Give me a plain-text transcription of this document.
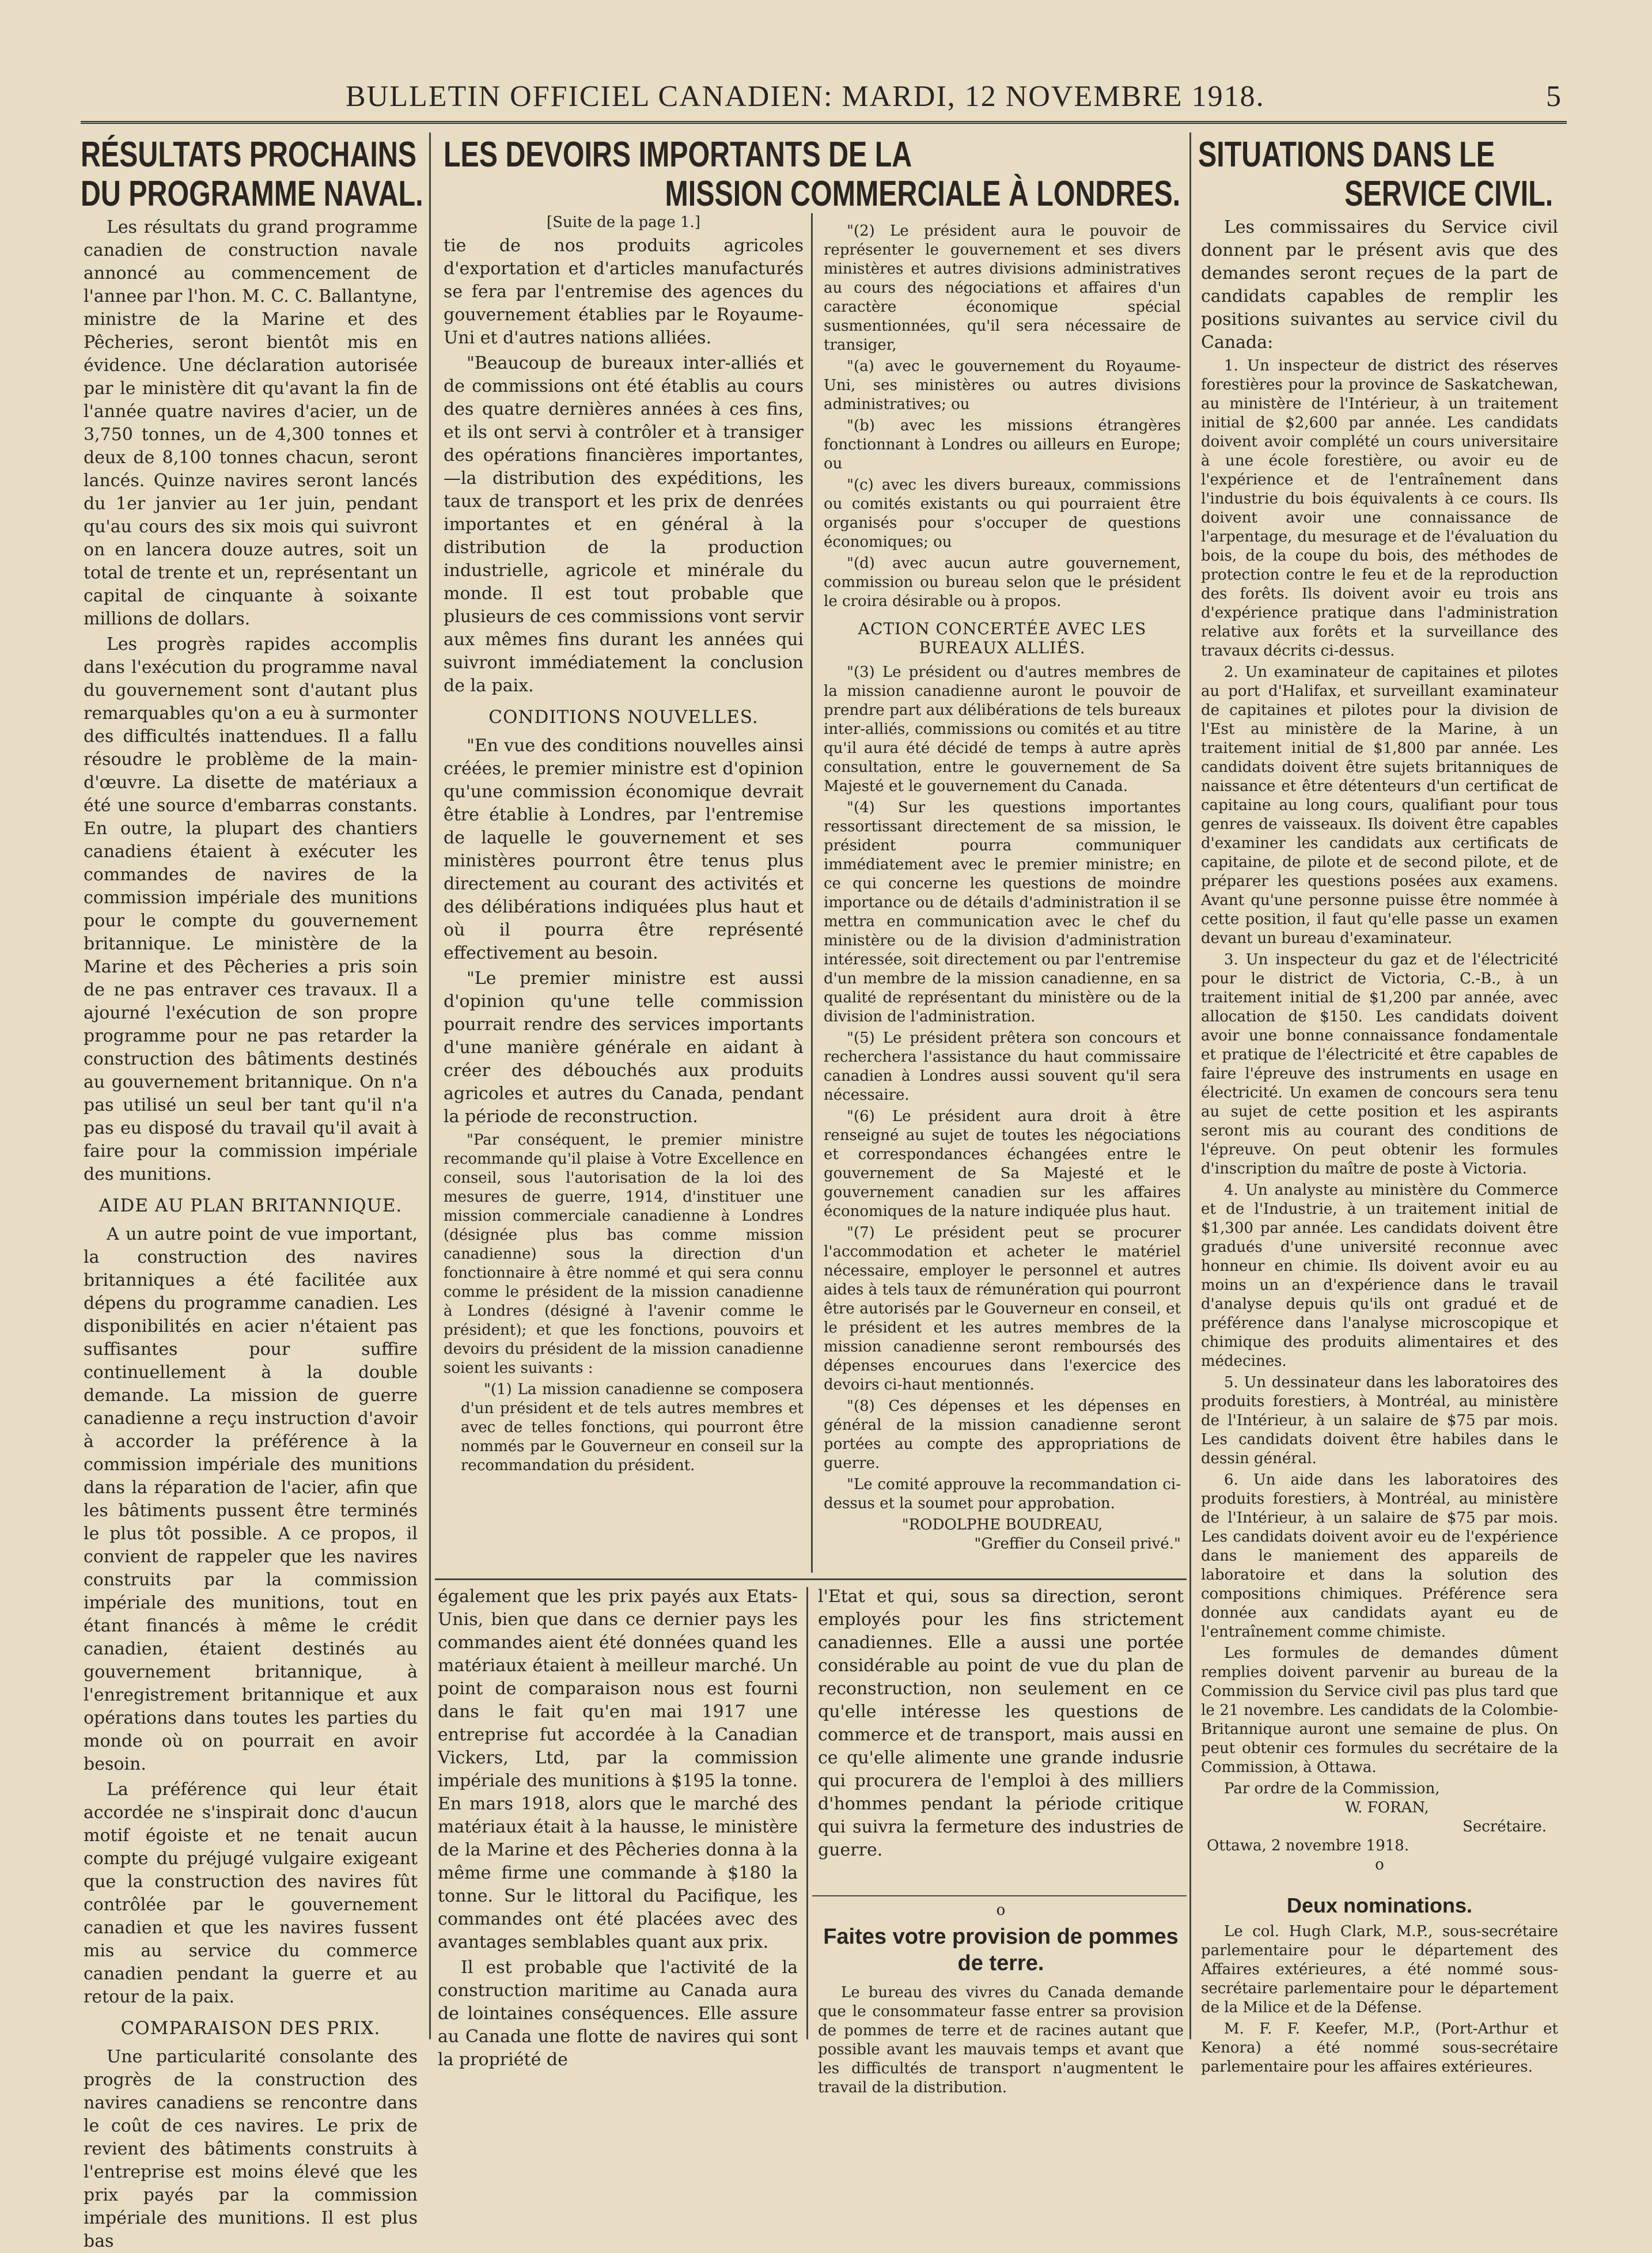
BULLETIN OFFICIEL CANADIEN: MARDI, 12 NOVEMBRE 1918.	5
RÉSULTATS PROCHAINS
DU PROGRAMME NAVAL.

Les résultats du grand programme canadien de construction navale annoncé au commencement de l'annee par l'hon. M. C. C. Ballantyne, ministre de la Marine et des Pêcheries, seront bientôt mis en évidence. Une déclaration autorisée par le ministère dit qu'avant la fin de l'année quatre navires d'acier, un de 3,750 tonnes, un de 4,300 tonnes et deux de 8,100 tonnes chacun, seront lancés. Quinze navires seront lancés du 1er janvier au 1er juin, pendant qu'au cours des six mois qui suivront on en lancera douze autres, soit un total de trente et un, représentant un capital de cinquante à soixante millions de dollars.

Les progrès rapides accomplis dans l'exécution du programme naval du gouvernement sont d'autant plus remarquables qu'on a eu à surmonter des difficultés inattendues. Il a fallu résoudre le problème de la main-d'œuvre. La disette de matériaux a été une source d'embarras constants. En outre, la plupart des chantiers canadiens étaient à exécuter les commandes de navires de la commission impériale des munitions pour le compte du gouvernement britannique. Le ministère de la Marine et des Pêcheries a pris soin de ne pas entraver ces travaux. Il a ajourné l'exécution de son propre programme pour ne pas retarder la construction des bâtiments destinés au gouvernement britannique. On n'a pas utilisé un seul ber tant qu'il n'a pas eu disposé du travail qu'il avait à faire pour la commission impériale des munitions.

AIDE AU PLAN BRITANNIQUE.

A un autre point de vue important, la construction des navires britanniques a été facilitée aux dépens du programme canadien. Les disponibilités en acier n'étaient pas suffisantes pour suffire continuellement à la double demande. La mission de guerre canadienne a reçu instruction d'avoir à accorder la préférence à la commission impériale des munitions dans la réparation de l'acier, afin que les bâtiments pussent être terminés le plus tôt possible. A ce propos, il convient de rappeler que les navires construits par la commission impériale des munitions, tout en étant financés à même le crédit canadien, étaient destinés au gouvernement britannique, à l'enregistrement britannique et aux opérations dans toutes les parties du monde où on pourrait en avoir besoin.

La préférence qui leur était accordée ne s'inspirait donc d'aucun motif égoiste et ne tenait aucun compte du préjugé vulgaire exigeant que la construction des navires fût contrôlée par le gouvernement canadien et que les navires fussent mis au service du commerce canadien pendant la guerre et au retour de la paix.

COMPARAISON DES PRIX.

Une particularité consolante des progrès de la construction des navires canadiens se rencontre dans le coût de ces navires. Le prix de revient des bâtiments construits à l'entreprise est moins élevé que les prix payés par la commission impériale des munitions. Il est plus bas

LES DEVOIRS IMPORTANTS DE LA
MISSION COMMERCIALE À LONDRES.
[Suite de la page 1.]

tie de nos produits agricoles d'exportation et d'articles manufacturés se fera par l'entremise des agences du gouvernement établies par le Royaume-Uni et d'autres nations alliées.

"Beaucoup de bureaux inter-alliés et de commissions ont été établis au cours des quatre dernières années à ces fins, et ils ont servi à contrôler et à transiger des opérations financières importantes,—la distribution des expéditions, les taux de transport et les prix de denrées importantes et en général à la distribution de la production industrielle, agricole et minérale du monde. Il est tout probable que plusieurs de ces commissions vont servir aux mêmes fins durant les années qui suivront immédiatement la conclusion de la paix.

CONDITIONS NOUVELLES.

"En vue des conditions nouvelles ainsi créées, le premier ministre est d'opinion qu'une commission économique devrait être établie à Londres, par l'entremise de laquelle le gouvernement et ses ministères pourront être tenus plus directement au courant des activités et des délibérations indiquées plus haut et où il pourra être représenté effectivement au besoin.

"Le premier ministre est aussi d'opinion qu'une telle commission pourrait rendre des services importants d'une manière générale en aidant à créer des débouchés aux produits agricoles et autres du Canada, pendant la période de reconstruction.

"Par conséquent, le premier ministre recommande qu'il plaise à Votre Excellence en conseil, sous l'autorisation de la loi des mesures de guerre, 1914, d'instituer une mission commerciale canadienne à Londres (désignée plus bas comme mission canadienne) sous la direction d'un fonctionnaire à être nommé et qui sera connu comme le président de la mission canadienne à Londres (désigné à l'avenir comme le président); et que les fonctions, pouvoirs et devoirs du président de la mission canadienne soient les suivants :

"(1) La mission canadienne se composera d'un président et de tels autres membres et avec de telles fonctions, qui pourront être nommés par le Gouverneur en conseil sur la recommandation du président.

"(2) Le président aura le pouvoir de représenter le gouvernement et ses divers ministères et autres divisions administratives au cours des négociations et affaires d'un caractère économique spécial susmentionnées, qu'il sera nécessaire de transiger,

"(a) avec le gouvernement du Royaume-Uni, ses ministères ou autres divisions administratives; ou

"(b) avec les missions étrangères fonctionnant à Londres ou ailleurs en Europe; ou

"(c) avec les divers bureaux, commissions ou comités existants ou qui pourraient être organisés pour s'occuper de questions économiques; ou

"(d) avec aucun autre gouvernement, commission ou bureau selon que le président le croira désirable ou à propos.

ACTION CONCERTÉE AVEC LES BUREAUX ALLIÉS.

"(3) Le président ou d'autres membres de la mission canadienne auront le pouvoir de prendre part aux délibérations de tels bureaux inter-alliés, commissions ou comités et au titre qu'il aura été décidé de temps à autre après consultation, entre le gouvernement de Sa Majesté et le gouvernement du Canada.

"(4) Sur les questions importantes ressortissant directement de sa mission, le président pourra communiquer immédiatement avec le premier ministre; en ce qui concerne les questions de moindre importance ou de détails d'administration il se mettra en communication avec le chef du ministère ou de la division d'administration intéressée, soit directement ou par l'entremise d'un membre de la mission canadienne, en sa qualité de représentant du ministère ou de la division de l'administration.

"(5) Le président prêtera son concours et recherchera l'assistance du haut commissaire canadien à Londres aussi souvent qu'il sera nécessaire.

"(6) Le président aura droit à être renseigné au sujet de toutes les négociations et correspondances échangées entre le gouvernement de Sa Majesté et le gouvernement canadien sur les affaires économiques de la nature indiquée plus haut.

"(7) Le président peut se procurer l'accommodation et acheter le matériel nécessaire, employer le personnel et autres aides à tels taux de rémunération qui pourront être autorisés par le Gouverneur en conseil, et le président et les autres membres de la mission canadienne seront remboursés des dépenses encourues dans l'exercice des devoirs ci-haut mentionnés.

"(8) Ces dépenses et les dépenses en général de la mission canadienne seront portées au compte des appropriations de guerre.

"Le comité approuve la recommandation ci-dessus et la soumet pour approbation.

"RODOLPHE BOUDREAU,
"Greffier du Conseil privé."

également que les prix payés aux Etats-Unis, bien que dans ce dernier pays les commandes aient été données quand les matériaux étaient à meilleur marché. Un point de comparaison nous est fourni dans le fait qu'en mai 1917 une entreprise fut accordée à la Canadian Vickers, Ltd, par la commission impériale des munitions à $195 la tonne. En mars 1918, alors que le marché des matériaux était à la hausse, le ministère de la Marine et des Pêcheries donna à la même firme une commande à $180 la tonne. Sur le littoral du Pacifique, les commandes ont été placées avec des avantages semblables quant aux prix.

Il est probable que l'activité de la construction maritime au Canada aura de lointaines conséquences. Elle assure au Canada une flotte de navires qui sont la propriété de

l'Etat et qui, sous sa direction, seront employés pour les fins strictement canadiennes. Elle a aussi une portée considérable au point de vue du plan de reconstruction, non seulement en ce qu'elle intéresse les questions de commerce et de transport, mais aussi en ce qu'elle alimente une grande indusrie qui procurera de l'emploi à des milliers d'hommes pendant la période critique qui suivra la fermeture des industries de guerre.

o
Faites votre provision de pommes de terre.

Le bureau des vivres du Canada demande que le consommateur fasse entrer sa provision de pommes de terre et de racines autant que possible avant les mauvais temps et avant que les difficultés de transport n'augmentent le travail de la distribution.

SITUATIONS DANS LE
SERVICE CIVIL.

Les commissaires du Service civil donnent par le présent avis que des demandes seront reçues de la part de candidats capables de remplir les positions suivantes au service civil du Canada:

1. Un inspecteur de district des réserves forestières pour la province de Saskatchewan, au ministère de l'Intérieur, à un traitement initial de $2,600 par année. Les candidats doivent avoir complété un cours universitaire à une école forestière, ou avoir eu de l'expérience et de l'entraînement dans l'industrie du bois équivalents à ce cours. Ils doivent avoir une connaissance de l'arpentage, du mesurage et de l'évaluation du bois, de la coupe du bois, des méthodes de protection contre le feu et de la reproduction des forêts. Ils doivent avoir eu trois ans d'expérience pratique dans l'administration relative aux forêts et la surveillance des travaux décrits ci-dessus.

2. Un examinateur de capitaines et pilotes au port d'Halifax, et surveillant examinateur de capitaines et pilotes pour la division de l'Est au ministère de la Marine, à un traitement initial de $1,800 par année. Les candidats doivent être sujets britanniques de naissance et être détenteurs d'un certificat de capitaine au long cours, qualifiant pour tous genres de vaisseaux. Ils doivent être capables d'examiner les candidats aux certificats de capitaine, de pilote et de second pilote, et de préparer les questions posées aux examens. Avant qu'une personne puisse être nommée à cette position, il faut qu'elle passe un examen devant un bureau d'examinateur.

3. Un inspecteur du gaz et de l'électricité pour le district de Victoria, C.-B., à un traitement initial de $1,200 par année, avec allocation de $150. Les candidats doivent avoir une bonne connaissance fondamentale et pratique de l'électricité et être capables de faire l'épreuve des instruments en usage en électricité. Un examen de concours sera tenu au sujet de cette position et les aspirants seront mis au courant des conditions de l'épreuve. On peut obtenir les formules d'inscription du maître de poste à Victoria.

4. Un analyste au ministère du Commerce et de l'Industrie, à un traitement initial de $1,300 par année. Les candidats doivent être gradués d'une université reconnue avec honneur en chimie. Ils doivent avoir eu au moins un an d'expérience dans le travail d'analyse depuis qu'ils ont gradué et de préférence dans l'analyse microscopique et chimique des produits alimentaires et des médecines.

5. Un dessinateur dans les laboratoires des produits forestiers, à Montréal, au ministère de l'Intérieur, à un salaire de $75 par mois. Les candidats doivent être habiles dans le dessin général.

6. Un aide dans les laboratoires des produits forestiers, à Montréal, au ministère de l'Intérieur, à un salaire de $75 par mois. Les candidats doivent avoir eu de l'expérience dans le maniement des appareils de laboratoire et dans la solution des compositions chimiques. Préférence sera donnée aux candidats ayant eu de l'entraînement comme chimiste.

Les formules de demandes dûment remplies doivent parvenir au bureau de la Commission du Service civil pas plus tard que le 21 novembre. Les candidats de la Colombie-Britannique auront une semaine de plus. On peut obtenir ces formules du secrétaire de la Commission, à Ottawa.

Par ordre de la Commission,
W. FORAN,
Secrétaire.
Ottawa, 2 novembre 1918.
o
Deux nominations.

Le col. Hugh Clark, M.P., sous-secrétaire parlementaire pour le département des Affaires extérieures, a été nommé sous-secrétaire parlementaire pour le département de la Milice et de la Défense.

M. F. F. Keefer, M.P., (Port-Arthur et Kenora) a été nommé sous-secrétaire parlementaire pour les affaires extérieures.
